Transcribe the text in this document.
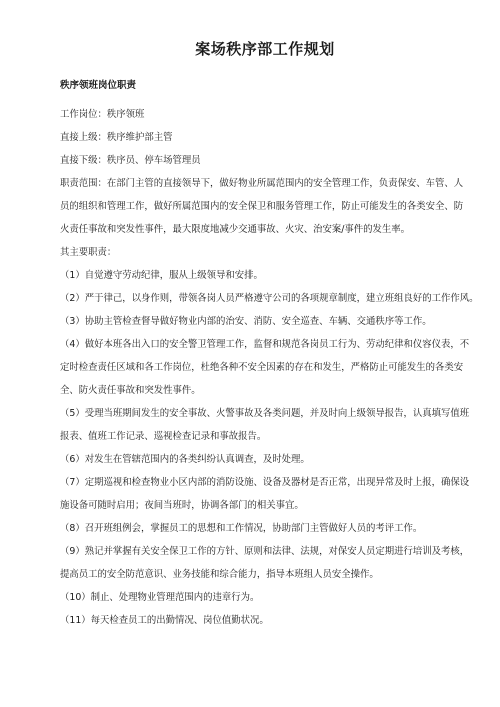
案场秩序部工作规划
秩序领班岗位职责

工作岗位：秩序领班

直接上级：秩序维护部主管

直接下级：秩序员、停车场管理员

职责范围：在部门主管的直接领导下，做好物业所属范围内的安全管理工作，负责保安、车管、人
员的组织和管理工作，做好所属范围内的安全保卫和服务管理工作，防止可能发生的各类安全、防
火责任事故和突发性事件，最大限度地减少交通事故、火灾、治安案/事件的发生率。

其主要职责：

（1）自觉遵守劳动纪律，服从上级领导和安排。
（2）严于律己，以身作则，带领各岗人员严格遵守公司的各项规章制度，建立班组良好的工作作风。
（3）协助主管检查督导做好物业内部的治安、消防、安全巡查、车辆、交通秩序等工作。
（4）做好本班各出入口的安全警卫管理工作，监督和规范各岗员工行为、劳动纪律和仪容仪表，不
定时检查责任区域和各工作岗位，杜绝各种不安全因素的存在和发生，严格防止可能发生的各类安
全、防火责任事故和突发性事件。
（5）受理当班期间发生的安全事故、火警事故及各类问题，并及时向上级领导报告，认真填写值班
报表、值班工作记录、巡视检查记录和事故报告。
（6）对发生在管辖范围内的各类纠纷认真调查，及时处理。
（7）定期巡视和检查物业小区内部的消防设施、设备及器材是否正常，出现异常及时上报，确保设
施设备可随时启用；夜间当班时，协调各部门的相关事宜。
（8）召开班组例会，掌握员工的思想和工作情况，协助部门主管做好人员的考评工作。
（9）熟记并掌握有关安全保卫工作的方针、原则和法律、法规，对保安人员定期进行培训及考核，
提高员工的安全防范意识、业务技能和综合能力，指导本班组人员安全操作。
（10）制止、处理物业管理范围内的违章行为。
（11）每天检查员工的出勤情况、岗位值勤状况。
